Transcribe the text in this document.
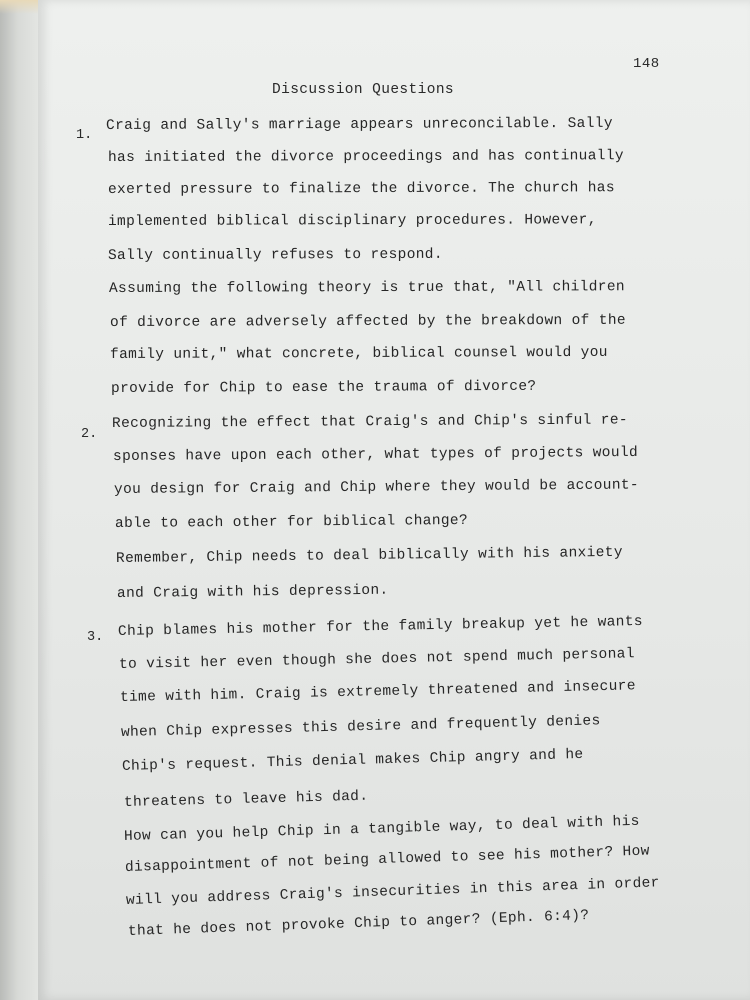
148
Discussion Questions
1.
Craig and Sally's marriage appears unreconcilable. Sally
has initiated the divorce proceedings and has continually
exerted pressure to finalize the divorce. The church has
implemented biblical disciplinary procedures. However,
Sally continually refuses to respond.
Assuming the following theory is true that, "All children
of divorce are adversely affected by the breakdown of the
family unit," what concrete, biblical counsel would you
provide for Chip to ease the trauma of divorce?
2.
Recognizing the effect that Craig's and Chip's sinful re-
sponses have upon each other, what types of projects would
you design for Craig and Chip where they would be account-
able to each other for biblical change?
Remember, Chip needs to deal biblically with his anxiety
and Craig with his depression.
3. Chip blames his mother for the family breakup yet he wants
to visit her even though she does not spend much personal
time with him. Craig is extremely threatened and insecure
when Chip expresses this desire and frequently denies
Chip's request. This denial makes Chip angry and he
threatens to leave his dad.
How can you help Chip in a tangible way, to deal with his
disappointment of not being allowed to see his mother? How
will you address Craig's insecurities in this area in order
that he does not provoke Chip to anger? (Eph. 6:4)?
